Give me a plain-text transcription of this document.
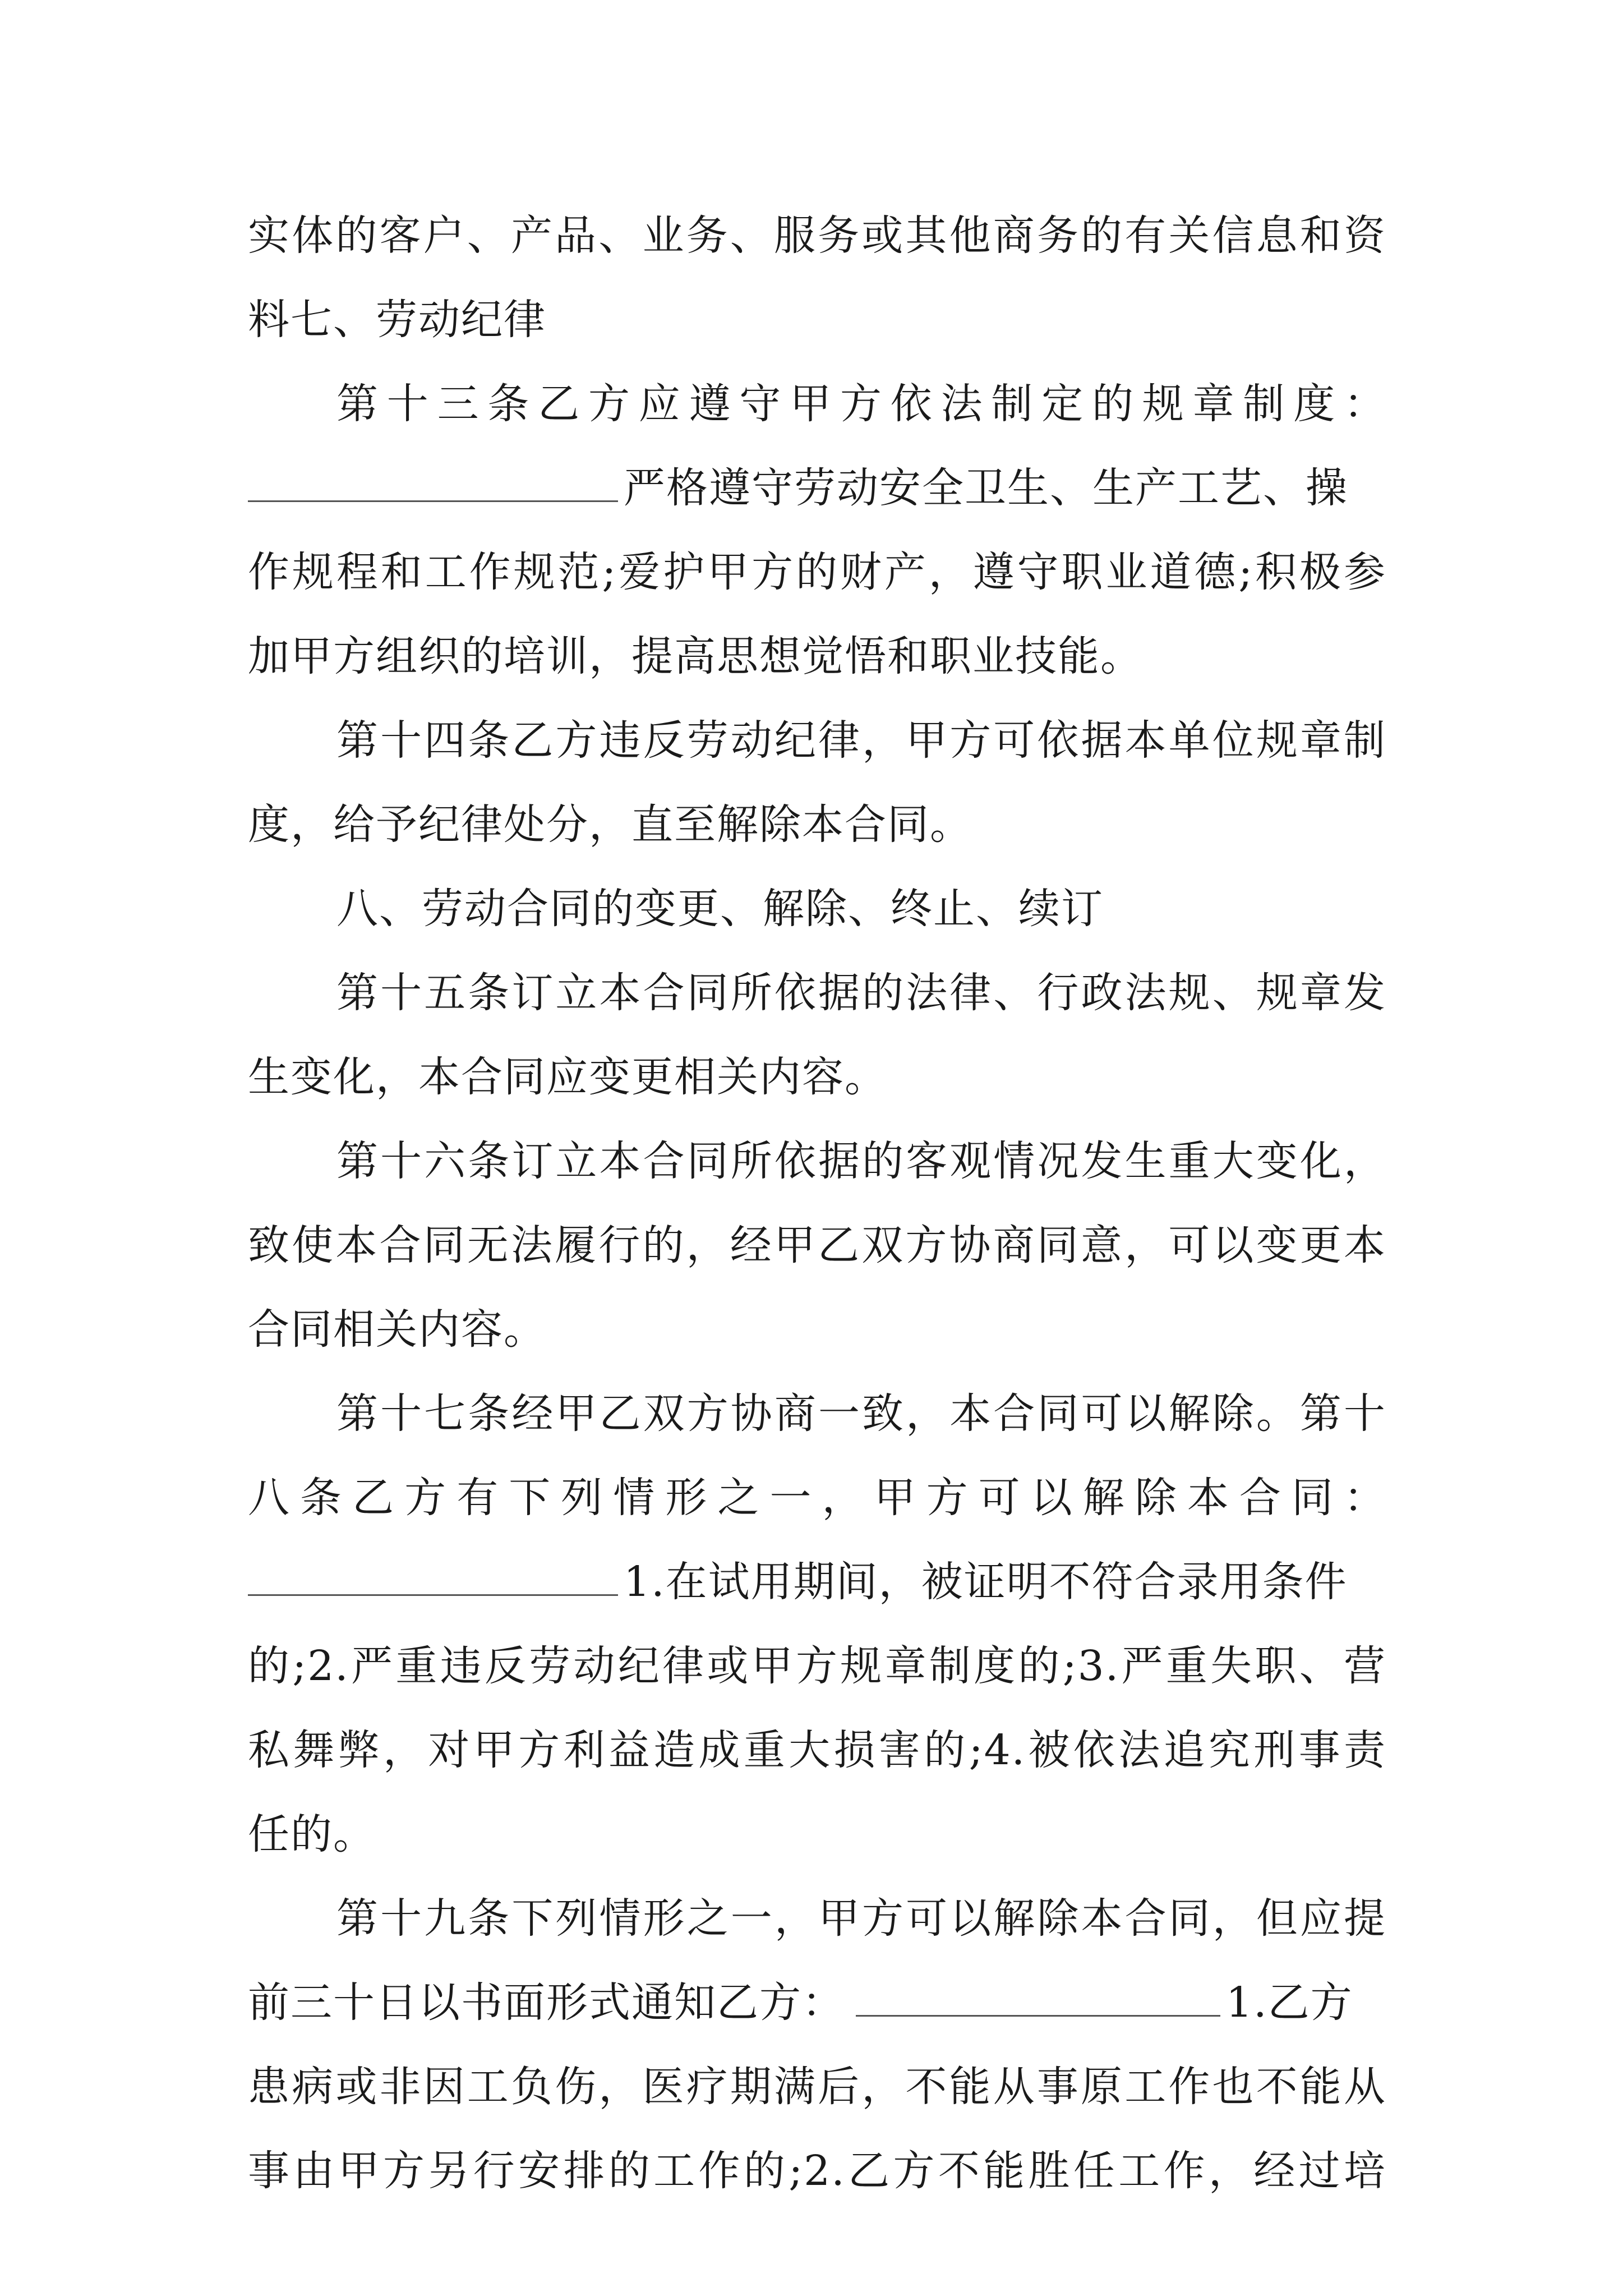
实体的客户、产品、业务、服务或其他商务的有关信息和资
料七、劳动纪律
第十三条乙方应遵守甲方依法制定的规章制度：
严格遵守劳动安全卫生、生产工艺、操
作规程和工作规范;爱护甲方的财产，遵守职业道德;积极参
加甲方组织的培训，提高思想觉悟和职业技能。
第十四条乙方违反劳动纪律，甲方可依据本单位规章制
度，给予纪律处分，直至解除本合同。
八、劳动合同的变更、解除、终止、续订
第十五条订立本合同所依据的法律、行政法规、规章发
生变化，本合同应变更相关内容。
第十六条订立本合同所依据的客观情况发生重大变化，
致使本合同无法履行的，经甲乙双方协商同意，可以变更本
合同相关内容。
第十七条经甲乙双方协商一致，本合同可以解除。第十
八条乙方有下列情形之一，甲方可以解除本合同：
1.在试用期间，被证明不符合录用条件
的;2.严重违反劳动纪律或甲方规章制度的;3.严重失职、营
私舞弊，对甲方利益造成重大损害的;4.被依法追究刑事责
任的。
第十九条下列情形之一，甲方可以解除本合同，但应提
前三十日以书面形式通知乙方：	1.乙方
患病或非因工负伤，医疗期满后，不能从事原工作也不能从
事由甲方另行安排的工作的;2.乙方不能胜任工作，经过培
